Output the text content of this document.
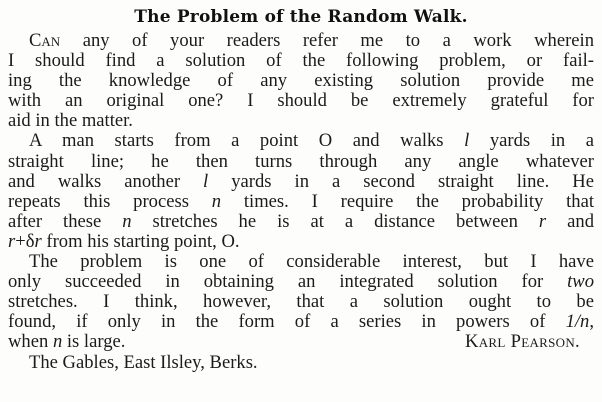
The Problem of the Random Walk.
Can any of your readers refer me to a work wherein
I should find a solution of the following problem, or fail-
ing the knowledge of any existing solution provide me
with an original one? I should be extremely grateful for
aid in the matter.
A man starts from a point O and walks l yards in a
straight line; he then turns through any angle whatever
and walks another l yards in a second straight line. He
repeats this process n times. I require the probability that
after these n stretches he is at a distance between r and
r+δr from his starting point, O.
The problem is one of considerable interest, but I have
only succeeded in obtaining an integrated solution for two
stretches. I think, however, that a solution ought to be
found, if only in the form of a series in powers of 1/n,
when n is large.	Karl Pearson.
The Gables, East Ilsley, Berks.
